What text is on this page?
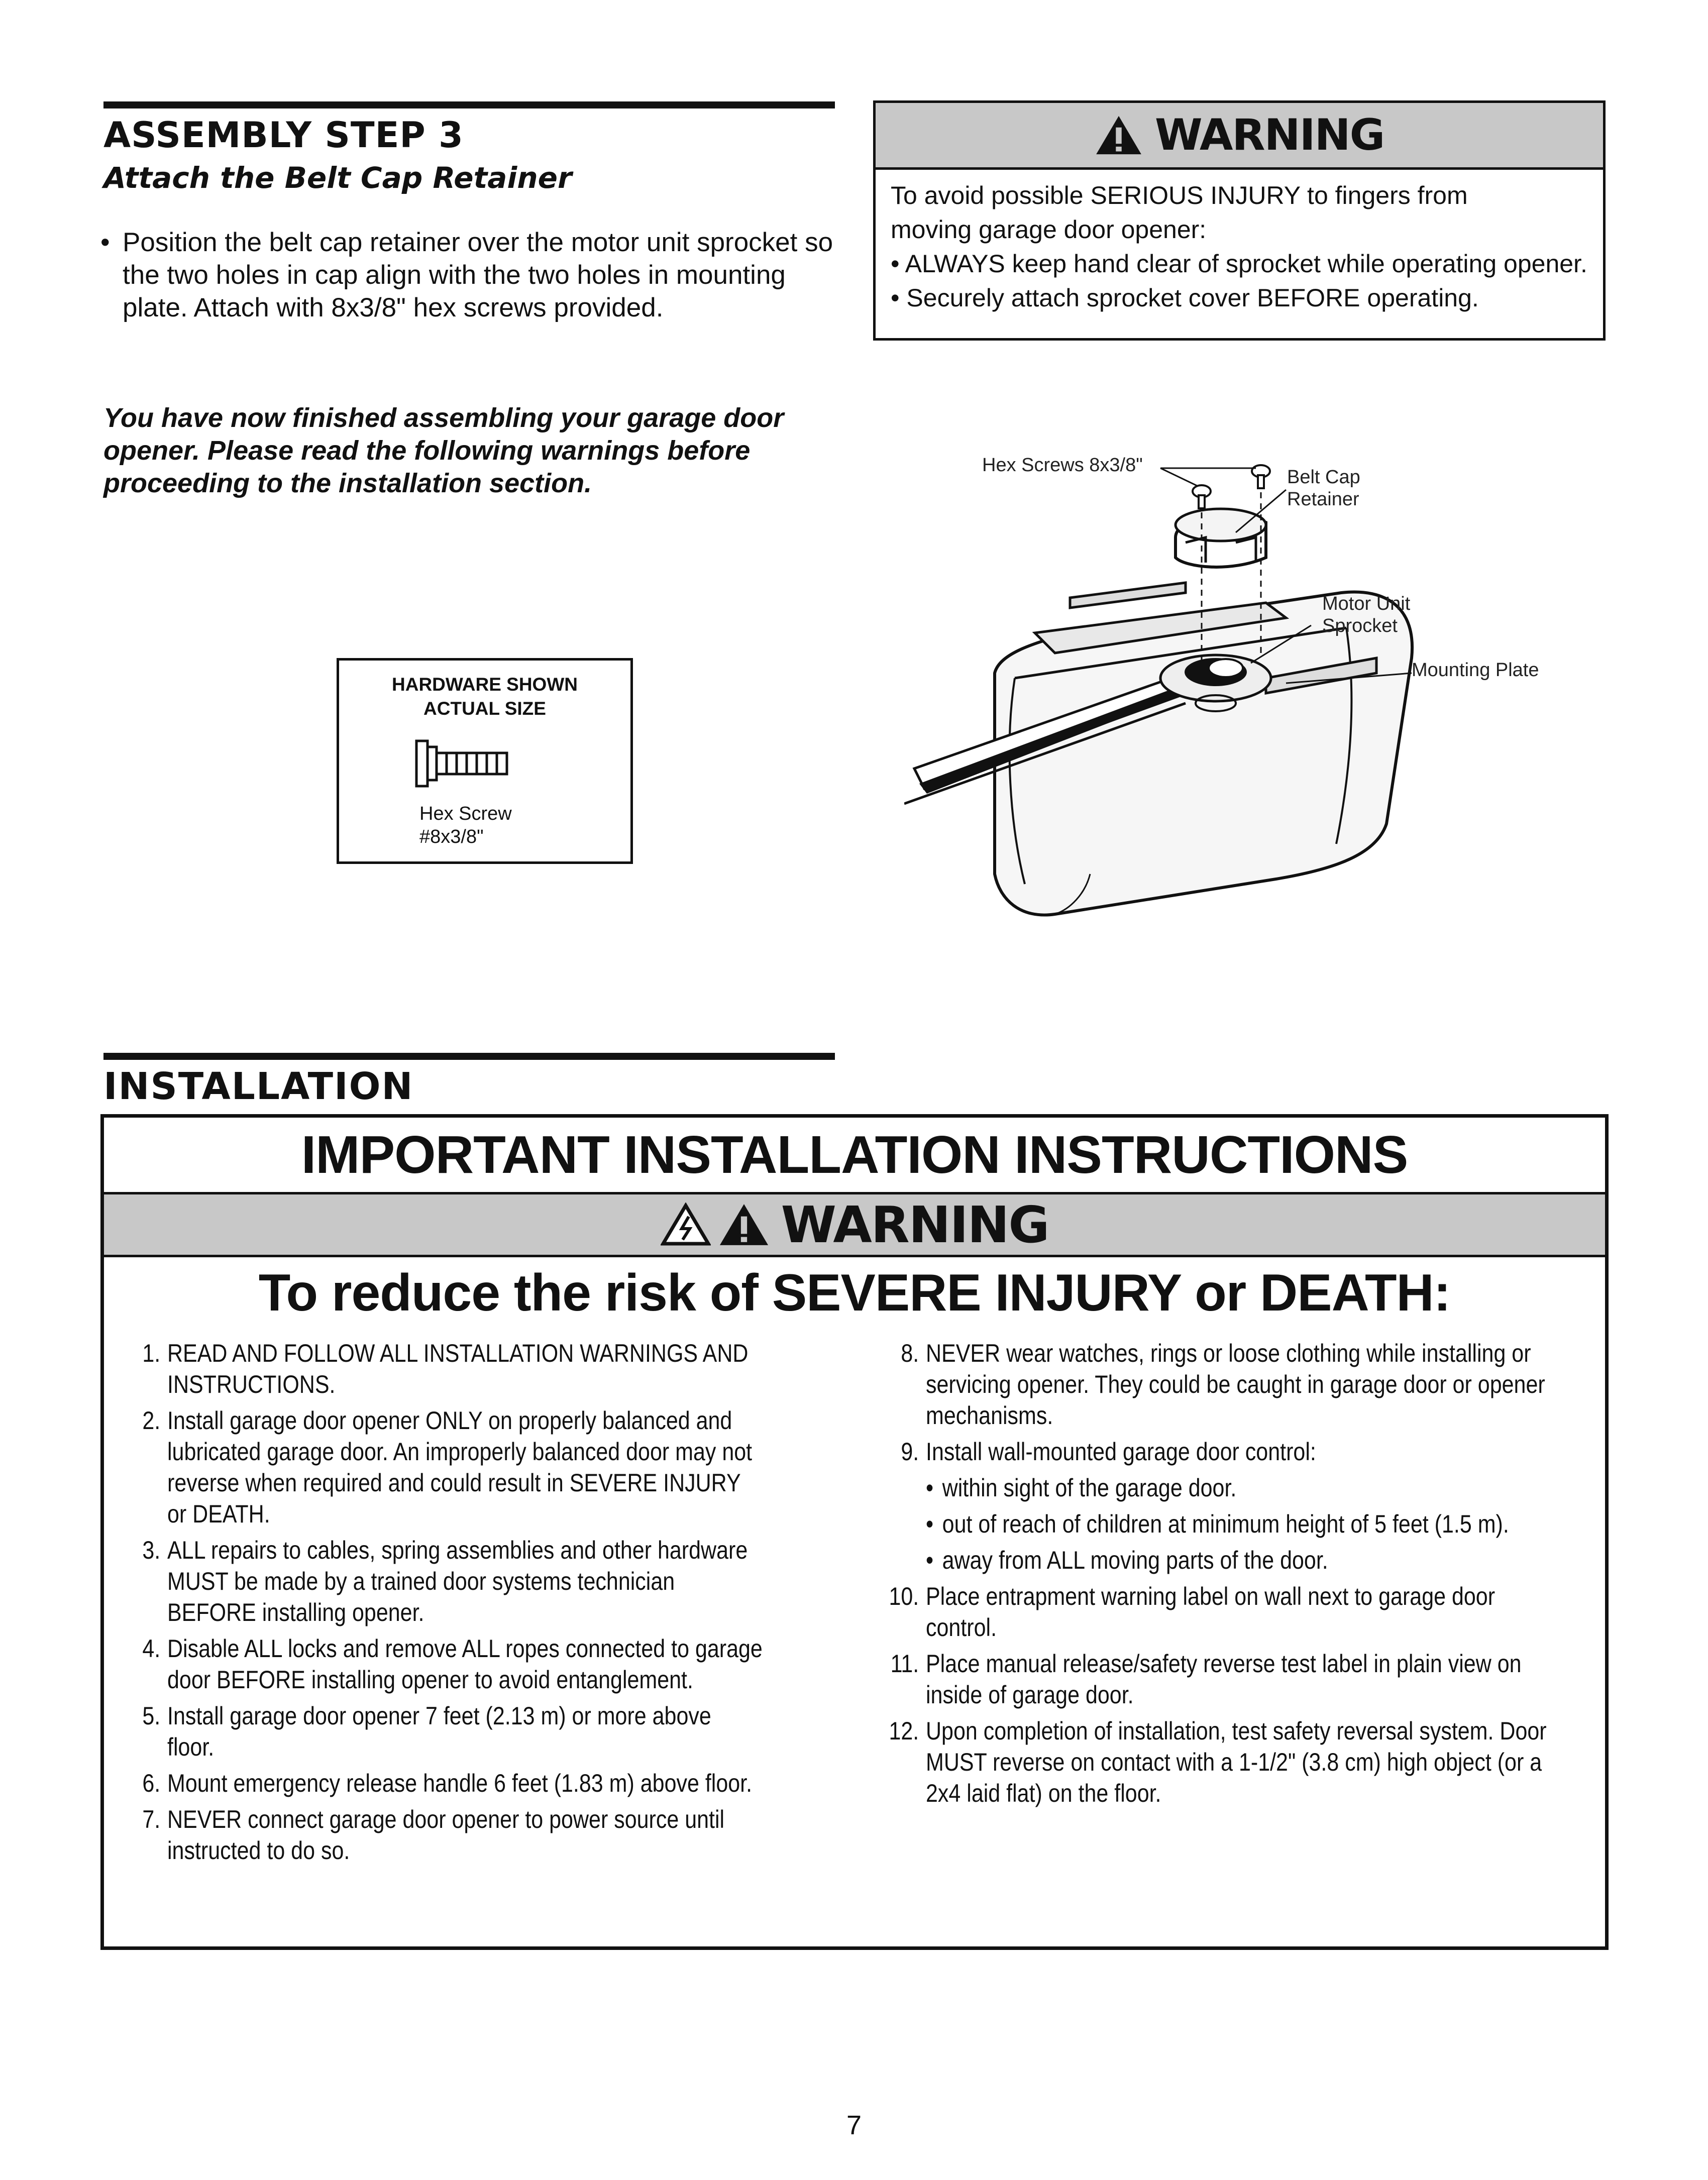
ASSEMBLY STEP 3
Attach the Belt Cap Retainer
• Position the belt cap retainer over the motor unit sprocket so the two holes in cap align with the two holes in mounting plate. Attach with 8x3/8" hex screws provided.
You have now finished assembling your garage door opener. Please read the following warnings before proceeding to the installation section.
WARNING
To avoid possible SERIOUS INJURY to fingers from moving garage door opener:
• ALWAYS keep hand clear of sprocket while operating opener.
• Securely attach sprocket cover BEFORE operating.
HARDWARE SHOWN
ACTUAL SIZE
Hex Screw
#8x3/8"
Hex Screws 8x3/8"
Belt Cap
Retainer
Motor Unit
Sprocket
Mounting Plate
INSTALLATION
IMPORTANT INSTALLATION INSTRUCTIONS
WARNING
To reduce the risk of SEVERE INJURY or DEATH:
1. READ AND FOLLOW ALL INSTALLATION WARNINGS AND INSTRUCTIONS.
2. Install garage door opener ONLY on properly balanced and lubricated garage door. An improperly balanced door may not reverse when required and could result in SEVERE INJURY or DEATH.
3. ALL repairs to cables, spring assemblies and other hardware MUST be made by a trained door systems technician BEFORE installing opener.
4. Disable ALL locks and remove ALL ropes connected to garage door BEFORE installing opener to avoid entanglement.
5. Install garage door opener 7 feet (2.13 m) or more above floor.
6. Mount emergency release handle 6 feet (1.83 m) above floor.
7. NEVER connect garage door opener to power source until instructed to do so.
8. NEVER wear watches, rings or loose clothing while installing or servicing opener. They could be caught in garage door or opener mechanisms.
9. Install wall-mounted garage door control:
• within sight of the garage door.
• out of reach of children at minimum height of 5 feet (1.5 m).
• away from ALL moving parts of the door.
10. Place entrapment warning label on wall next to garage door control.
11. Place manual release/safety reverse test label in plain view on inside of garage door.
12. Upon completion of installation, test safety reversal system. Door MUST reverse on contact with a 1-1/2" (3.8 cm) high object (or a 2x4 laid flat) on the floor.
7
